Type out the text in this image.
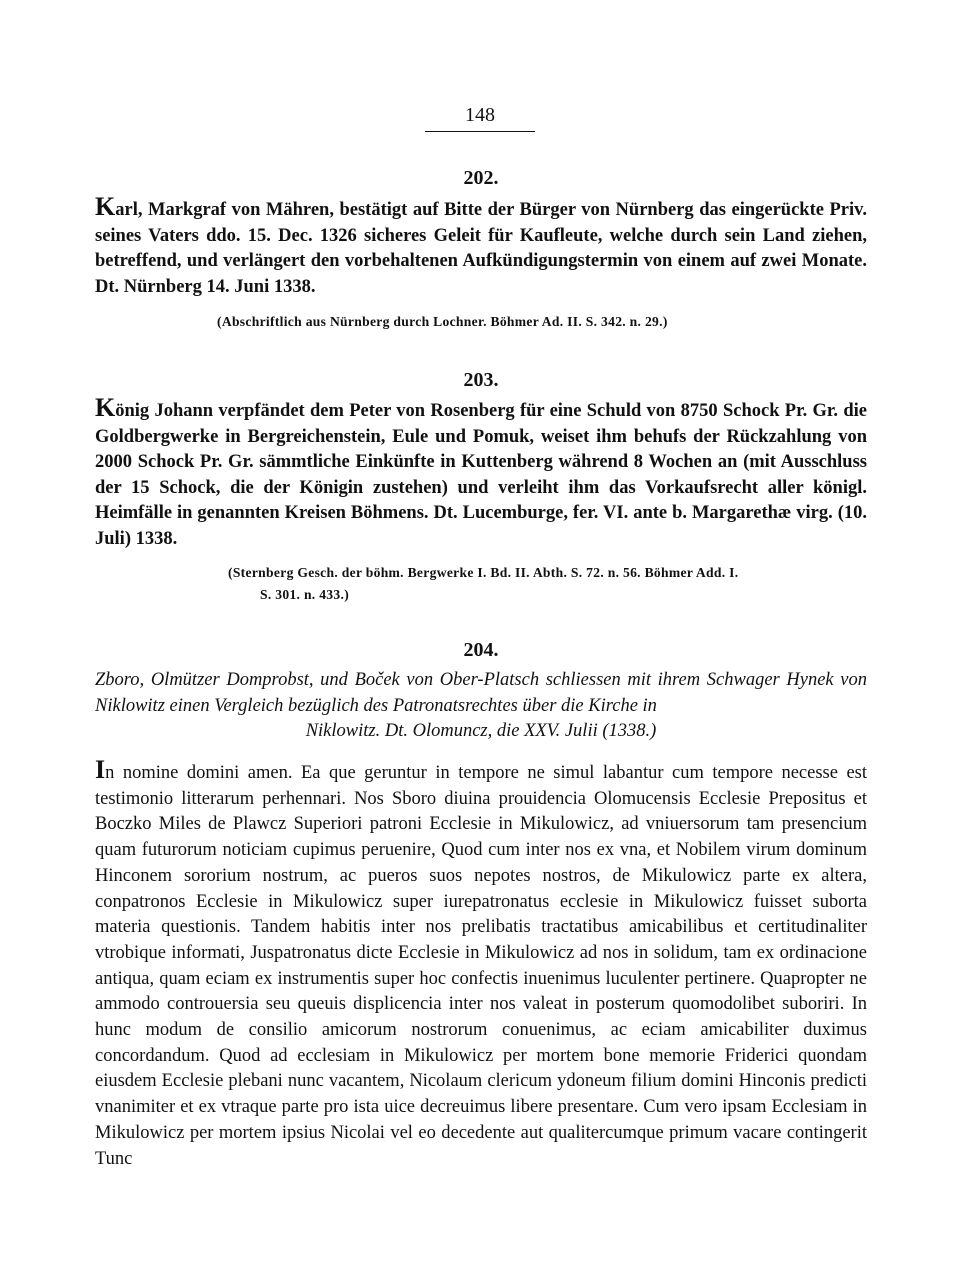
148
202.
Karl, Markgraf von Mähren, bestätigt auf Bitte der Bürger von Nürnberg das eingerückte Priv. seines Vaters ddo. 15. Dec. 1326 sicheres Geleit für Kaufleute, welche durch sein Land ziehen, betreffend, und verlängert den vorbehaltenen Aufkündigungstermin von einem auf zwei Monate. Dt. Nürnberg 14. Juni 1338.
(Abschriftlich aus Nürnberg durch Lochner. Böhmer Ad. II. S. 342. n. 29.)
203.
König Johann verpfändet dem Peter von Rosenberg für eine Schuld von 8750 Schock Pr. Gr. die Goldbergwerke in Bergreichenstein, Eule und Pomuk, weiset ihm behufs der Rückzahlung von 2000 Schock Pr. Gr. sämmtliche Einkünfte in Kuttenberg während 8 Wochen an (mit Ausschluss der 15 Schock, die der Königin zustehen) und verleiht ihm das Vorkaufsrecht aller königl. Heimfälle in genannten Kreisen Böhmens. Dt. Lucemburge, fer. VI. ante b. Margarethæ virg. (10. Juli) 1338.
(Sternberg Gesch. der böhm. Bergwerke I. Bd. II. Abth. S. 72. n. 56. Böhmer Add. I.
S. 301. n. 433.)
204.
Zboro, Olmützer Domprobst, und Boček von Ober-Platsch schliessen mit ihrem Schwager Hynek von Niklowitz einen Vergleich bezüglich des Patronatsrechtes über die Kirche in
Niklowitz. Dt. Olomuncz, die XXV. Julii (1338.)
In nomine domini amen. Ea que geruntur in tempore ne simul labantur cum tempore necesse est testimonio litterarum perhennari. Nos Sboro diuina prouidencia Olomucensis Ecclesie Prepositus et Boczko Miles de Plawcz Superiori patroni Ecclesie in Mikulowicz, ad vniuersorum tam presencium quam futurorum noticiam cupimus peruenire, Quod cum inter nos ex vna, et Nobilem virum dominum Hinconem sororium nostrum, ac pueros suos nepotes nostros, de Mikulowicz parte ex altera, conpatronos Ecclesie in Mikulowicz super iurepatronatus ecclesie in Mikulowicz fuisset suborta materia questionis. Tandem habitis inter nos prelibatis tractatibus amicabilibus et certitudinaliter vtrobique informati, Juspatronatus dicte Ecclesie in Mikulowicz ad nos in solidum, tam ex ordinacione antiqua, quam eciam ex instrumentis super hoc confectis inuenimus luculenter pertinere. Quapropter ne ammodo controuersia seu queuis displicencia inter nos valeat in posterum quomodolibet suboriri. In hunc modum de consilio amicorum nostrorum conuenimus, ac eciam amicabiliter duximus concordandum. Quod ad ecclesiam in Mikulowicz per mortem bone memorie Friderici quondam eiusdem Ecclesie plebani nunc vacantem, Nicolaum clericum ydoneum filium domini Hinconis predicti vnanimiter et ex vtraque parte pro ista uice decreuimus libere presentare. Cum vero ipsam Ecclesiam in Mikulowicz per mortem ipsius Nicolai vel eo decedente aut qualitercumque primum vacare contingerit Tunc
